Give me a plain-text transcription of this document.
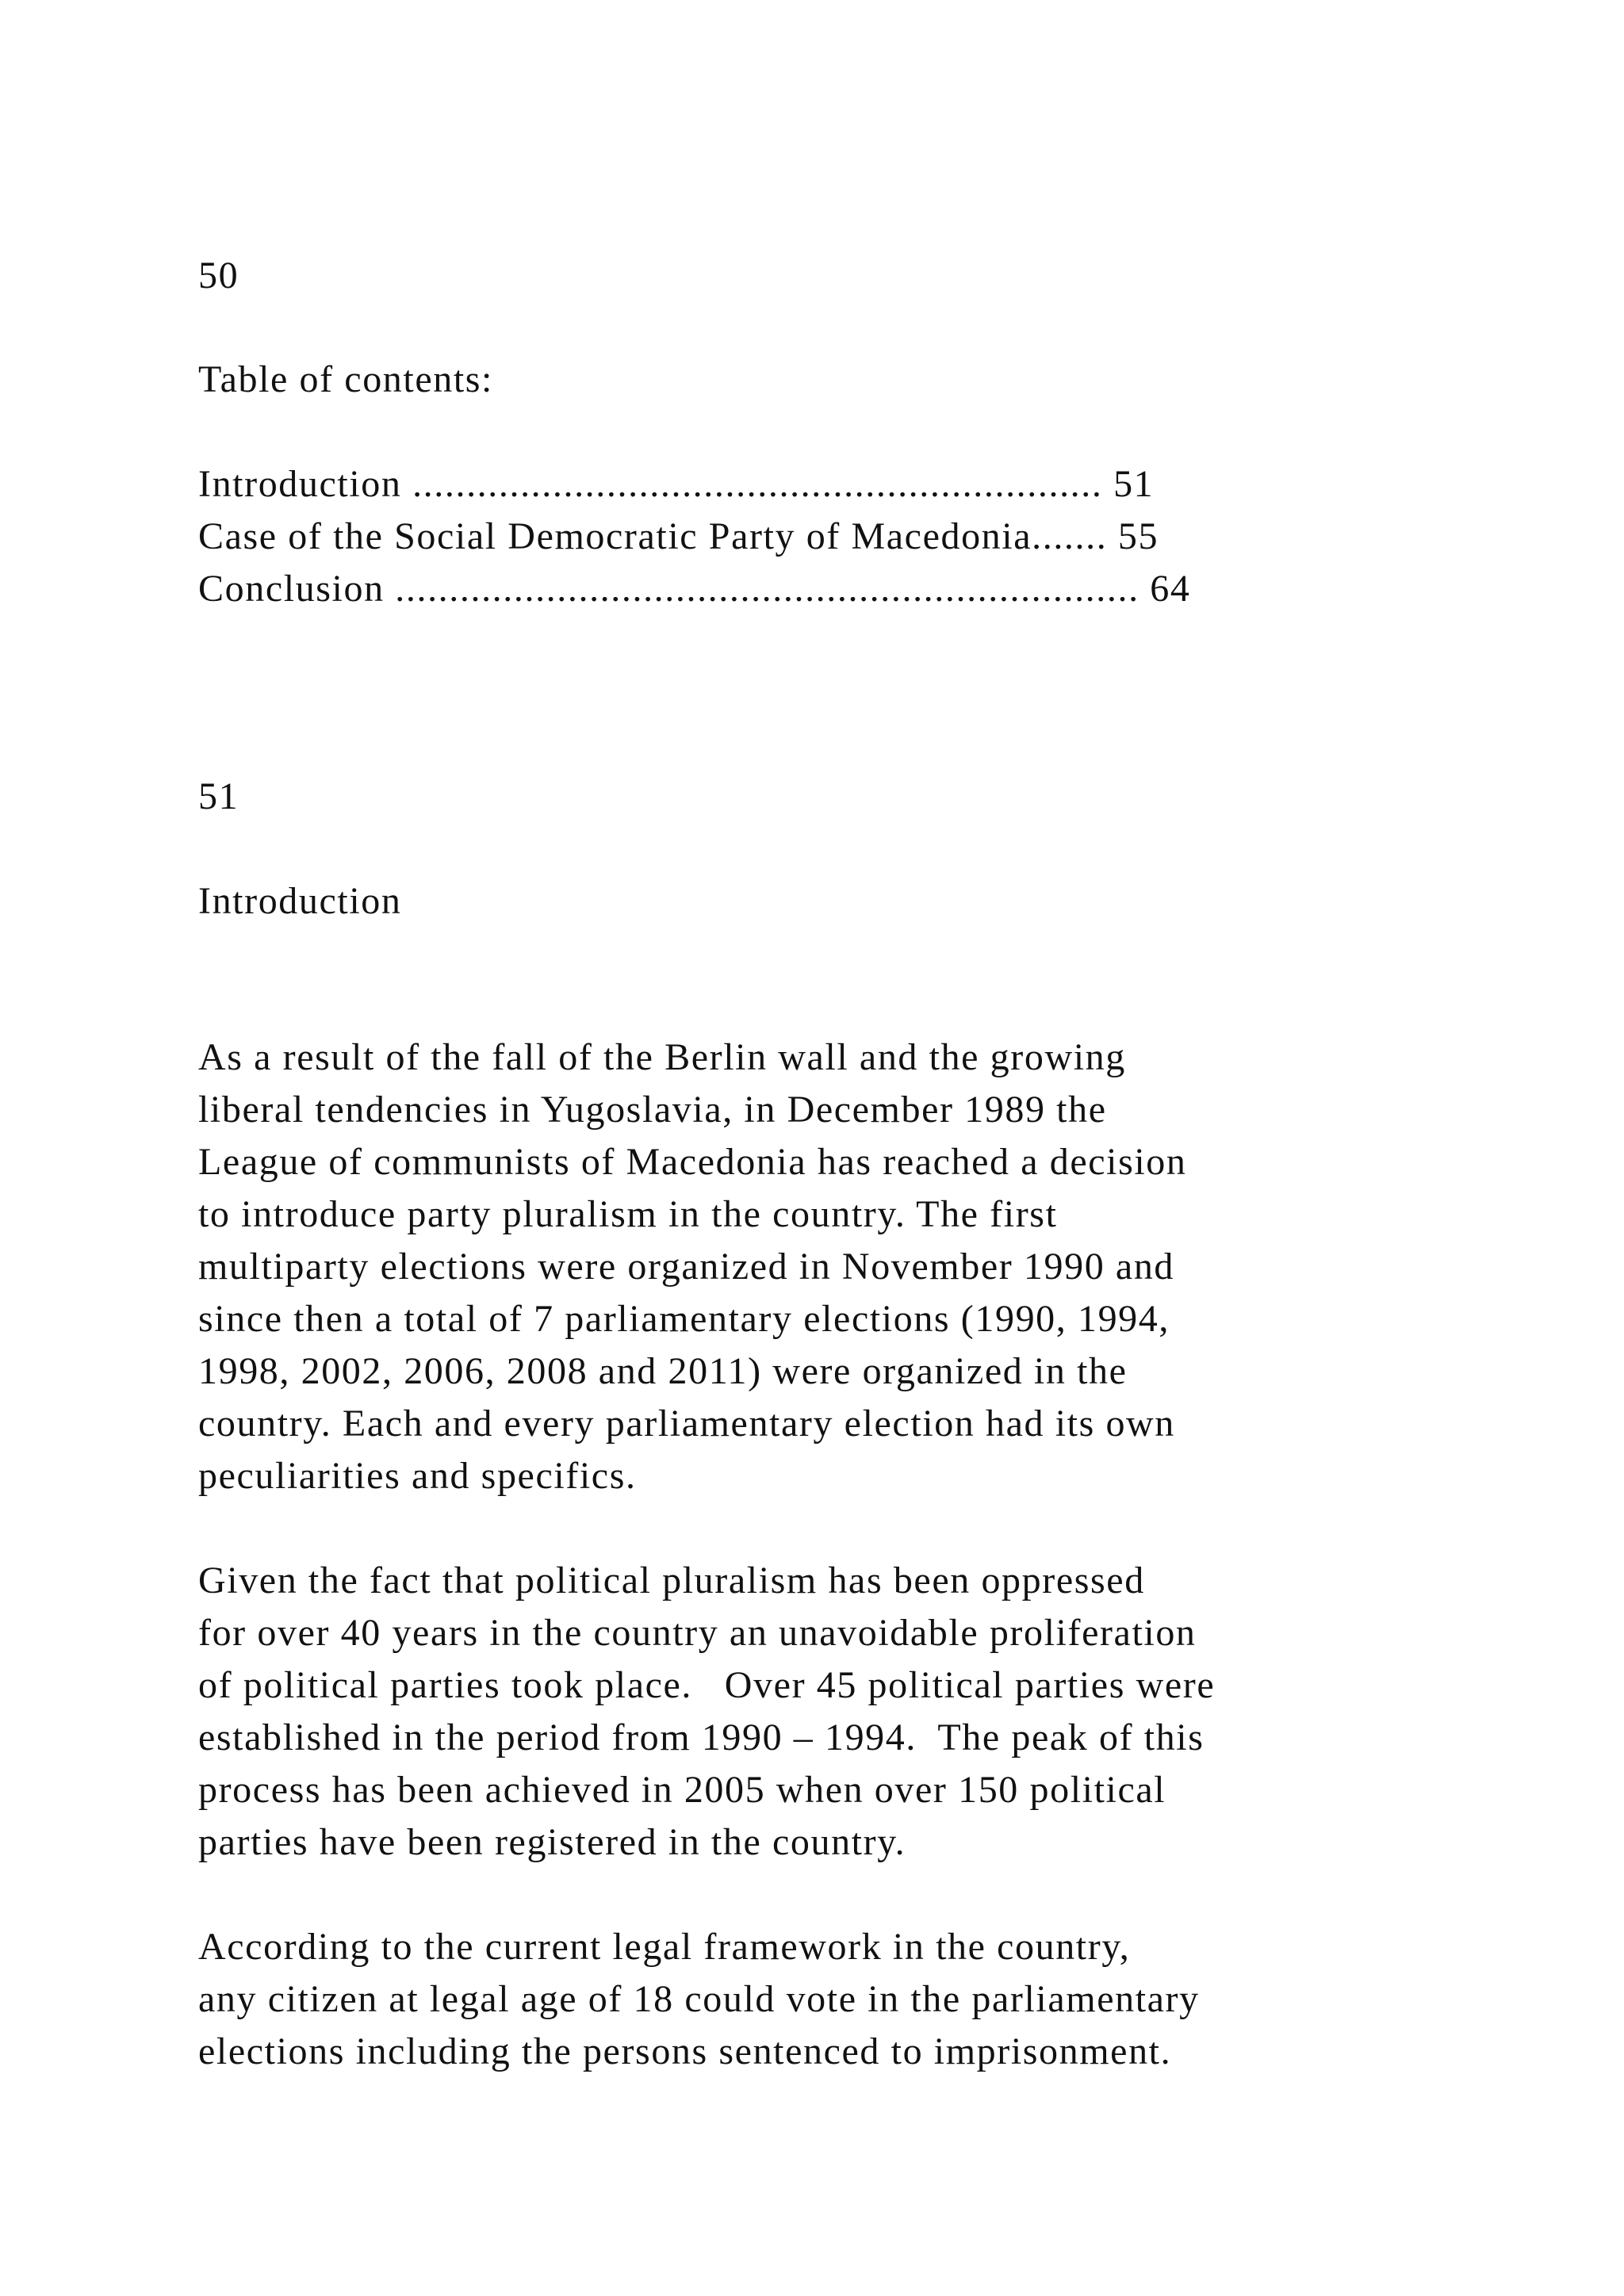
50

Table of contents:

Introduction ................................................................ 51

Case of the Social Democratic Party of Macedonia....... 55

Conclusion ..................................................................... 64

51

Introduction

As a result of the fall of the Berlin wall and the growing

liberal tendencies in Yugoslavia, in December 1989 the

League of communists of Macedonia has reached a decision

to introduce party pluralism in the country. The first

multiparty elections were organized in November 1990 and

since then a total of 7 parliamentary elections (1990, 1994,

1998, 2002, 2006, 2008 and 2011) were organized in the

country. Each and every parliamentary election had its own

peculiarities and specifics.

Given the fact that political pluralism has been oppressed

for over 40 years in the country an unavoidable proliferation

of political parties took place.   Over 45 political parties were

established in the period from 1990 – 1994.  The peak of this

process has been achieved in 2005 when over 150 political

parties have been registered in the country.

According to the current legal framework in the country,

any citizen at legal age of 18 could vote in the parliamentary

elections including the persons sentenced to imprisonment.
